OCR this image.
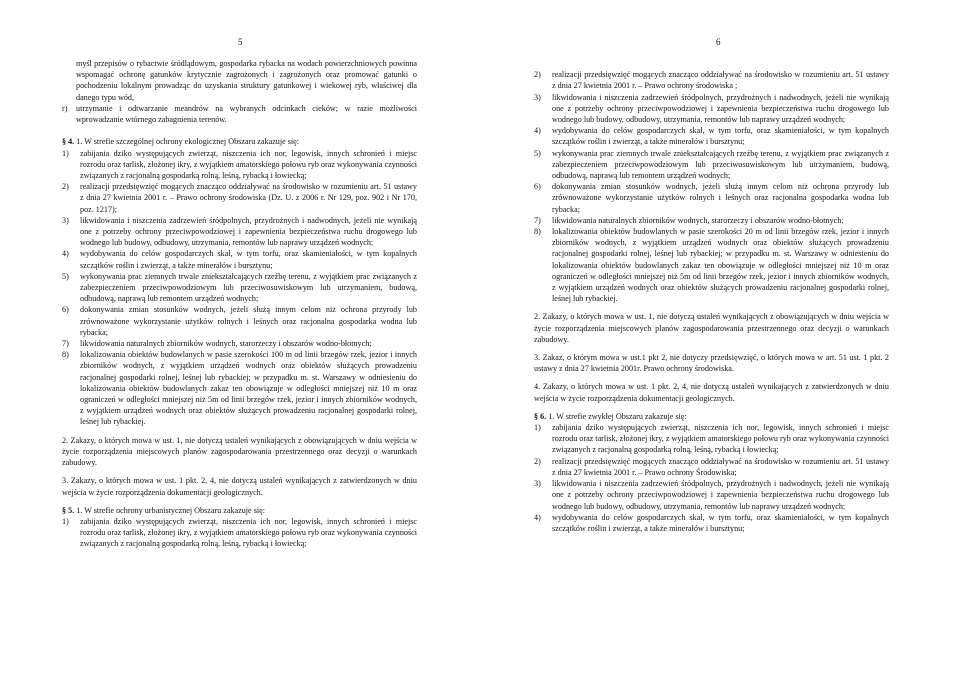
5
myśl przepisów o rybactwie śródlądowym, gospodarka rybacka na wodach powierzchniowych powinna wspomagać ochronę gatunków krytycznie zagrożonych i zagrożonych oraz promować gatunki o pochodzeniu lokalnym prowadząc do uzyskania struktury gatunkowej i wiekowej ryb, właściwej dla danego typu wód,
r)	utrzymanie i odtwarzanie meandrów na wybranych odcinkach cieków; w razie możliwości wprowadzanie wtórnego zabagnienia terenów.
§ 4. 1. W strefie szczególnej ochrony ekologicznej Obszaru zakazuje się:
1)	zabijania dziko występujących zwierząt, niszczenia ich nor, legowisk, innych schronień i miejsc rozrodu oraz tarlisk, złożonej ikry, z wyjątkiem amatorskiego połowu ryb oraz wykonywania czynności związanych z racjonalną gospodarką rolną, leśną, rybacką i łowiecką;
2)	realizacji przedsięwzięć mogących znacząco oddziaływać na środowisko w rozumieniu art. 51 ustawy z dnia 27 kwietnia 2001 r. – Prawo ochrony środowiska (Dz. U. z 2006 r. Nr 129, poz. 902 i Nr 170, poz. 1217);
3)	likwidowania i niszczenia zadrzewień śródpolnych, przydrożnych i nadwodnych, jeżeli nie wynikają one z potrzeby ochrony przeciwpowodziowej i zapewnienia bezpieczeństwa ruchu drogowego lub wodnego lub budowy, odbudowy, utrzymania, remontów lub naprawy urządzeń wodnych;
4)	wydobywania do celów gospodarczych skał, w tym torfu, oraz skamieniałości, w tym kopalnych szczątków roślin i zwierząt, a także minerałów i bursztynu;
5)	wykonywania prac ziemnych trwale zniekształcających rzeźbę terenu, z wyjątkiem prac związanych z zabezpieczeniem przeciwpowodziowym lub przeciwosuwiskowym lub utrzymaniem, budową, odbudową, naprawą lub remontem urządzeń wodnych;
6)	dokonywania zmian stosunków wodnych, jeżeli służą innym celom niż ochrona przyrody lub zrównoważone wykorzystanie użytków rolnych i leśnych oraz racjonalna gospodarka wodna lub rybacka;
7)	likwidowania naturalnych zbiorników wodnych, starorzeczy i obszarów wodno-błotnych;
8)	lokalizowania obiektów budowlanych w pasie szerokości 100 m od linii brzegów rzek, jezior i innych zbiorników wodnych, z wyjątkiem urządzeń wodnych oraz obiektów służących prowadzeniu racjonalnej gospodarki rolnej, leśnej lub rybackiej; w przypadku m. st. Warszawy w odniesieniu do lokalizowania obiektów budowlanych zakaz ten obowiązuje w odległości mniejszej niż 10 m oraz ograniczeń w odległości mniejszej niż 5m od linii brzegów rzek, jezior i innych zbiorników wodnych, z wyjątkiem urządzeń wodnych oraz obiektów służących prowadzeniu racjonalnej gospodarki rolnej, leśnej lub rybackiej.
2. Zakazy, o których mowa w ust. 1, nie dotyczą ustaleń wynikających z obowiązujących w dniu wejścia w życie rozporządzenia miejscowych planów zagospodarowania przestrzennego oraz decyzji o warunkach zabudowy.
3. Zakazy, o których mowa w ust. 1 pkt. 2, 4, nie dotyczą ustaleń wynikających z zatwierdzonych w dniu wejścia w życie rozporządzenia dokumentacji geologicznych.
§ 5. 1. W strefie ochrony urbanistycznej Obszaru zakazuje się:
1)	zabijania dziko występujących zwierząt, niszczenia ich nor, legowisk, innych schronień i miejsc rozrodu oraz tarlisk, złożonej ikry, z wyjątkiem amatorskiego połowu ryb oraz wykonywania czynności związanych z racjonalną gospodarką rolną, leśną, rybacką i łowiecką;
6
2)	realizacji przedsięwzięć mogących znacząco oddziaływać na środowisko w rozumieniu art. 51 ustawy z dnia 27 kwietnia 2001 r. – Prawo ochrony środowiska ;
3)	likwidowania i niszczenia zadrzewień śródpolnych, przydrożnych i nadwodnych, jeżeli nie wynikają one z potrzeby ochrony przeciwpowodziowej i zapewnienia bezpieczeństwa ruchu drogowego lub wodnego lub budowy, odbudowy, utrzymania, remontów lub naprawy urządzeń wodnych;
4)	wydobywania do celów gospodarczych skał, w tym torfu, oraz skamieniałości, w tym kopalnych szczątków roślin i zwierząt, a także minerałów i bursztynu;
5)	wykonywania prac ziemnych trwale zniekształcających rzeźbę terenu, z wyjątkiem prac związanych z zabezpieczeniem przeciwpowodziowym lub przeciwosuwiskowym lub utrzymaniem, budową, odbudową, naprawą lub remontem urządzeń wodnych;
6)	dokonywania zmian stosunków wodnych, jeżeli służą innym celom niż ochrona przyrody lub zrównoważone wykorzystanie użytków rolnych i leśnych oraz racjonalna gospodarka wodna lub rybacka;
7)	likwidowania naturalnych zbiorników wodnych, starorzeczy i obszarów wodno-błotnych;
8)	lokalizowania obiektów budowlanych w pasie szerokości 20 m od linii brzegów rzek, jezior i innych zbiorników wodnych, z wyjątkiem urządzeń wodnych oraz obiektów służących prowadzeniu racjonalnej gospodarki rolnej, leśnej lub rybackiej; w przypadku m. st. Warszawy w odniesieniu do lokalizowania obiektów budowlanych zakaz ten obowiązuje w odległości mniejszej niż 10 m oraz ograniczeń w odległości mniejszej niż 5m od linii brzegów rzek, jezior i innych zbiorników wodnych, z wyjątkiem urządzeń wodnych oraz obiektów służących prowadzeniu racjonalnej gospodarki rolnej, leśnej lub rybackiej.
2. Zakazy, o których mowa w ust. 1, nie dotyczą ustaleń wynikających z obowiązujących w dniu wejścia w życie rozporządzenia miejscowych planów zagospodarowania przestrzennego oraz decyzji o warunkach zabudowy.
3. Zakaz, o którym mowa w ust.1 pkt 2, nie dotyczy przedsięwzięć, o których mowa w art. 51 ust. 1 pkt. 2 ustawy z dnia 27 kwietnia 2001r. Prawo ochrony środowiska.
4. Zakazy, o których mowa w ust. 1 pkt. 2, 4, nie dotyczą ustaleń wynikających z zatwierdzonych w dniu wejścia w życie rozporządzenia dokumentacji geologicznych.
§ 6. 1. W strefie zwykłej Obszaru zakazuje się:
1)	zabijania dziko występujących zwierząt, niszczenia ich nor, legowisk, innych schronień i miejsc rozrodu oraz tarlisk, złożonej ikry, z wyjątkiem amatorskiego połowu ryb oraz wykonywania czynności związanych z racjonalną gospodarką rolną, leśną, rybacką i łowiecką;
2)	realizacji przedsięwzięć mogących znacząco oddziaływać na środowisko w rozumieniu art. 51 ustawy z dnia 27 kwietnia 2001 r. – Prawo ochrony Środowiska;
3)	likwidowania i niszczenia zadrzewień śródpolnych, przydrożnych i nadwodnych, jeżeli nie wynikają one z potrzeby ochrony przeciwpowodziowej i zapewnienia bezpieczeństwa ruchu drogowego lub wodnego lub budowy, odbudowy, utrzymania, remontów lub naprawy urządzeń wodnych;
4)	wydobywania do celów gospodarczych skał, w tym torfu, oraz skamieniałości, w tym kopalnych szczątków roślin i zwierząt, a także minerałów i bursztynu;
